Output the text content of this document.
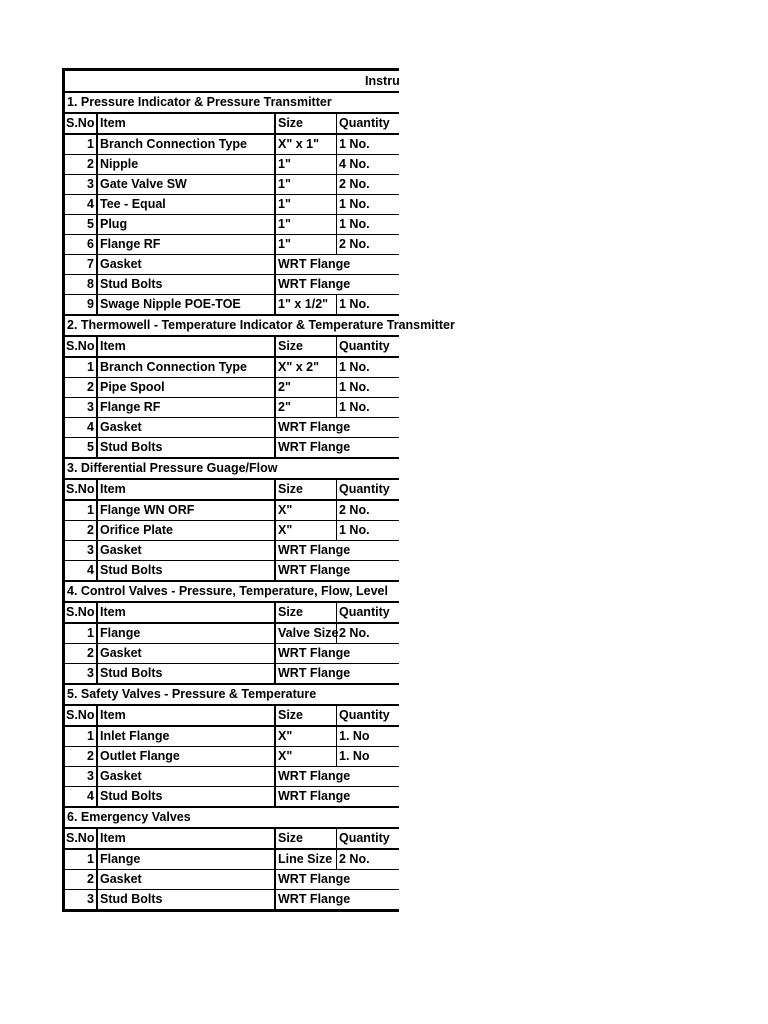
Instru
1. Pressure Indicator & Pressure Transmitter
S.No Item	Size	Quantity
1 Branch Connection Type	X" x 1"	1 No.
2 Nipple	1"	4 No.
3 Gate Valve SW	1"	2 No.
4 Tee - Equal	1"	1 No.
5 Plug	1"	1 No.
6 Flange RF	1"	2 No.
7 Gasket	WRT Flange
8 Stud Bolts	WRT Flange
9 Swage Nipple POE-TOE	1" x 1/2" 1 No.
2. Thermowell - Temperature Indicator & Temperature Transmitter
S.No Item	Size	Quantity
1 Branch Connection Type	X" x 2"	1 No.
2 Pipe Spool	2"	1 No.
3 Flange RF	2"	1 No.
4 Gasket	WRT Flange
5 Stud Bolts	WRT Flange
3. Differential Pressure Guage/Flow
S.No Item	Size	Quantity
1 Flange WN ORF	X"	2 No.
2 Orifice Plate	X"	1 No.
3 Gasket	WRT Flange
4 Stud Bolts	WRT Flange
4. Control Valves - Pressure, Temperature, Flow, Level
S.No Item	Size	Quantity
1 Flange	Valve Size 2 No.
2 Gasket	WRT Flange
3 Stud Bolts	WRT Flange
5. Safety Valves - Pressure & Temperature
S.No Item	Size	Quantity
1 Inlet Flange	X"	1. No
2 Outlet Flange	X"	1. No
3 Gasket	WRT Flange
4 Stud Bolts	WRT Flange
6. Emergency Valves
S.No Item	Size	Quantity
1 Flange	Line Size 2 No.
2 Gasket	WRT Flange
3 Stud Bolts	WRT Flange
